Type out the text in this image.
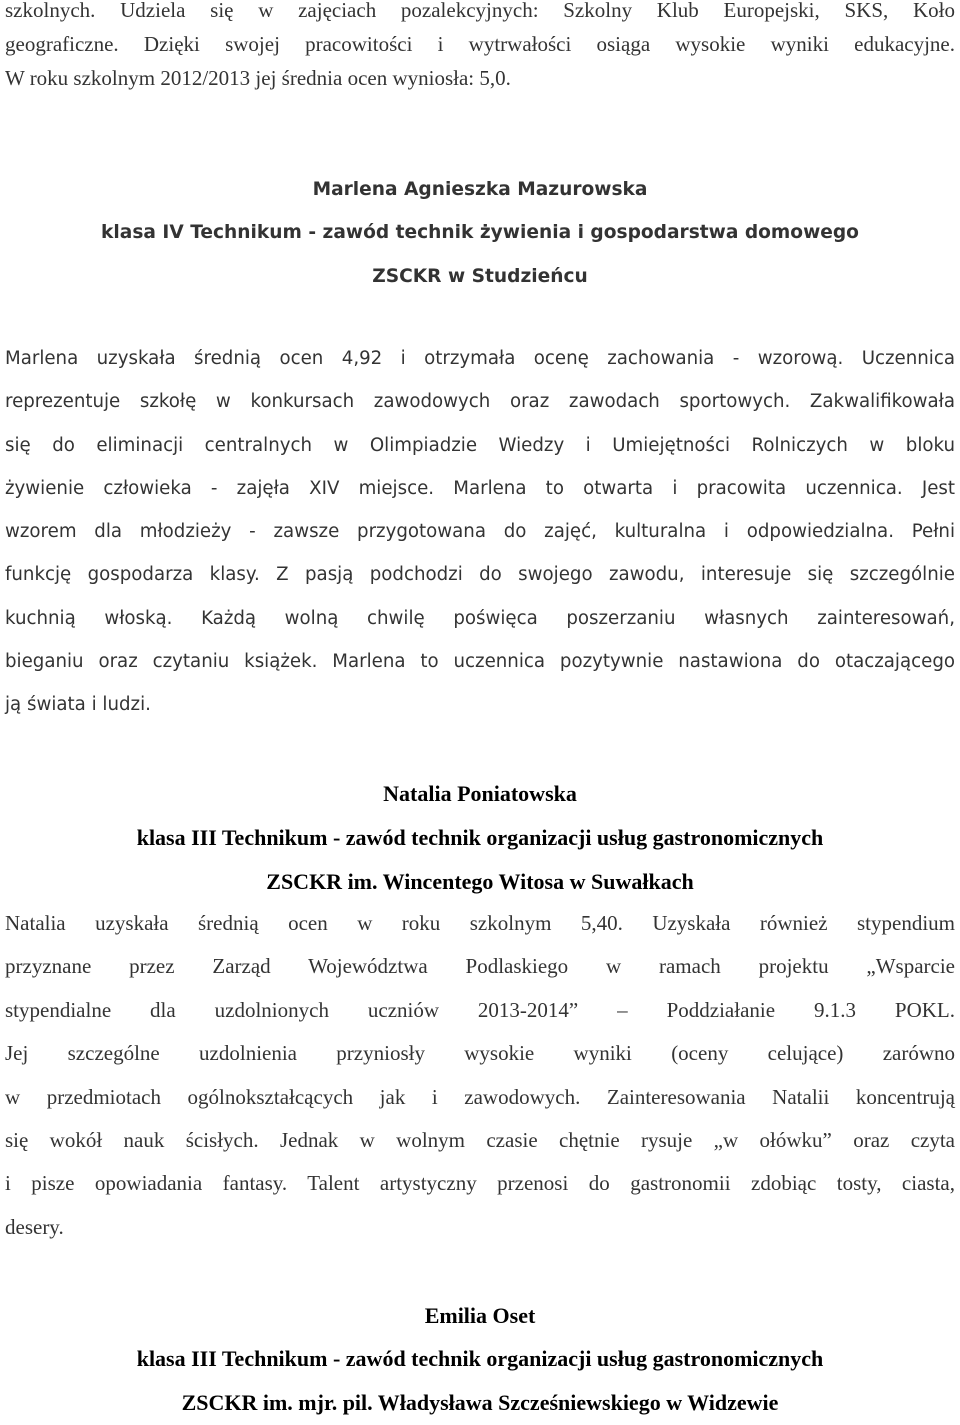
szkolnych. Udziela się w zajęciach pozalekcyjnych: Szkolny Klub Europejski, SKS, Koło
geograficzne. Dzięki swojej pracowitości i wytrwałości osiąga wysokie wyniki edukacyjne.
W roku szkolnym 2012/2013 jej średnia ocen wyniosła: 5,0.

Marlena Agnieszka Mazurowska

klasa IV Technikum - zawód technik żywienia i gospodarstwa domowego

ZSCKR w Studzieńcu

Marlena uzyskała średnią ocen 4,92 i otrzymała ocenę zachowania - wzorową. Uczennica
reprezentuje szkołę w konkursach zawodowych oraz zawodach sportowych. Zakwalifikowała
się do eliminacji centralnych w Olimpiadzie Wiedzy i Umiejętności Rolniczych w bloku
żywienie człowieka - zajęła XIV miejsce. Marlena to otwarta i pracowita uczennica. Jest
wzorem dla młodzieży - zawsze przygotowana do zajęć, kulturalna i odpowiedzialna. Pełni
funkcję gospodarza klasy. Z pasją podchodzi do swojego zawodu, interesuje się szczególnie
kuchnią włoską. Każdą wolną chwilę poświęca poszerzaniu własnych zainteresowań,
bieganiu oraz czytaniu książek. Marlena to uczennica pozytywnie nastawiona do otaczającego
ją świata i ludzi.

Natalia Poniatowska

klasa III Technikum - zawód technik organizacji usług gastronomicznych

ZSCKR im. Wincentego Witosa w Suwałkach

Natalia uzyskała średnią ocen w roku szkolnym 5,40. Uzyskała również stypendium
przyznane przez Zarząd Województwa Podlaskiego w ramach projektu „Wsparcie
stypendialne dla uzdolnionych uczniów 2013-2014” – Poddziałanie 9.1.3 POKL.
Jej szczególne uzdolnienia przyniosły wysokie wyniki (oceny celujące) zarówno
w przedmiotach ogólnokształcących jak i zawodowych. Zainteresowania Natalii koncentrują
się wokół nauk ścisłych. Jednak w wolnym czasie chętnie rysuje „w ołówku” oraz czyta
i pisze opowiadania fantasy. Talent artystyczny przenosi do gastronomii zdobiąc tosty, ciasta,
desery.

Emilia Oset

klasa III Technikum - zawód technik organizacji usług gastronomicznych

ZSCKR im. mjr. pil. Władysława Szcześniewskiego w Widzewie
